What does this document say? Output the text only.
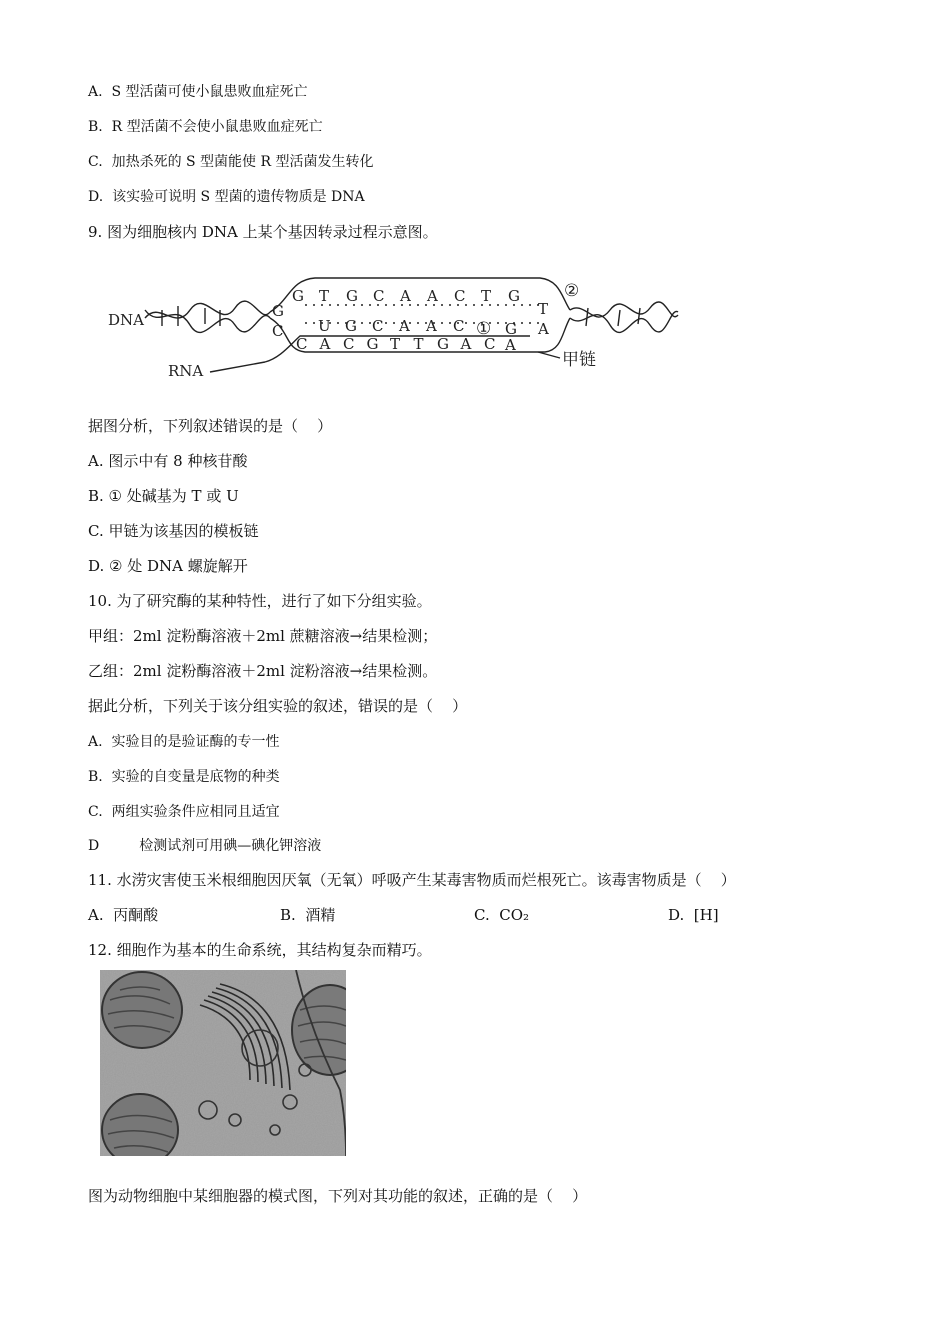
A.  S 型活菌可使小鼠患败血症死亡
B.  R 型活菌不会使小鼠患败血症死亡
C.  加热杀死的 S 型菌能使 R 型活菌发生转化
D.  该实验可说明 S 型菌的遗传物质是 DNA
9. 图为细胞核内 DNA 上某个基因转录过程示意图。
DNA
RNA
甲链
②
①
G T G C A A C T G
U G C A A C
C A C G T T G A C
G
C
T
A
G
A
据图分析，下列叙述错误的是（    ）
A. 图示中有 8 种核苷酸
B. ① 处碱基为 T 或 U
C. 甲链为该基因的模板链
D. ② 处 DNA 螺旋解开
10. 为了研究酶的某种特性，进行了如下分组实验。
甲组：2ml 淀粉酶溶液＋2ml 蔗糖溶液→结果检测；
乙组：2ml 淀粉酶溶液＋2ml 淀粉溶液→结果检测。
据此分析，下列关于该分组实验的叙述，错误的是（    ）
A.  实验目的是验证酶的专一性
B.  实验的自变量是底物的种类
C.  两组实验条件应相同且适宜
D         检测试剂可用碘—碘化钾溶液
11. 水涝灾害使玉米根细胞因厌氧（无氧）呼吸产生某毒害物质而烂根死亡。该毒害物质是（    ）
A.  丙酮酸	B.  酒精	C.  CO₂	D.  [H]
12. 细胞作为基本的生命系统，其结构复杂而精巧。
图为动物细胞中某细胞器的模式图，下列对其功能的叙述，正确的是（    ）
